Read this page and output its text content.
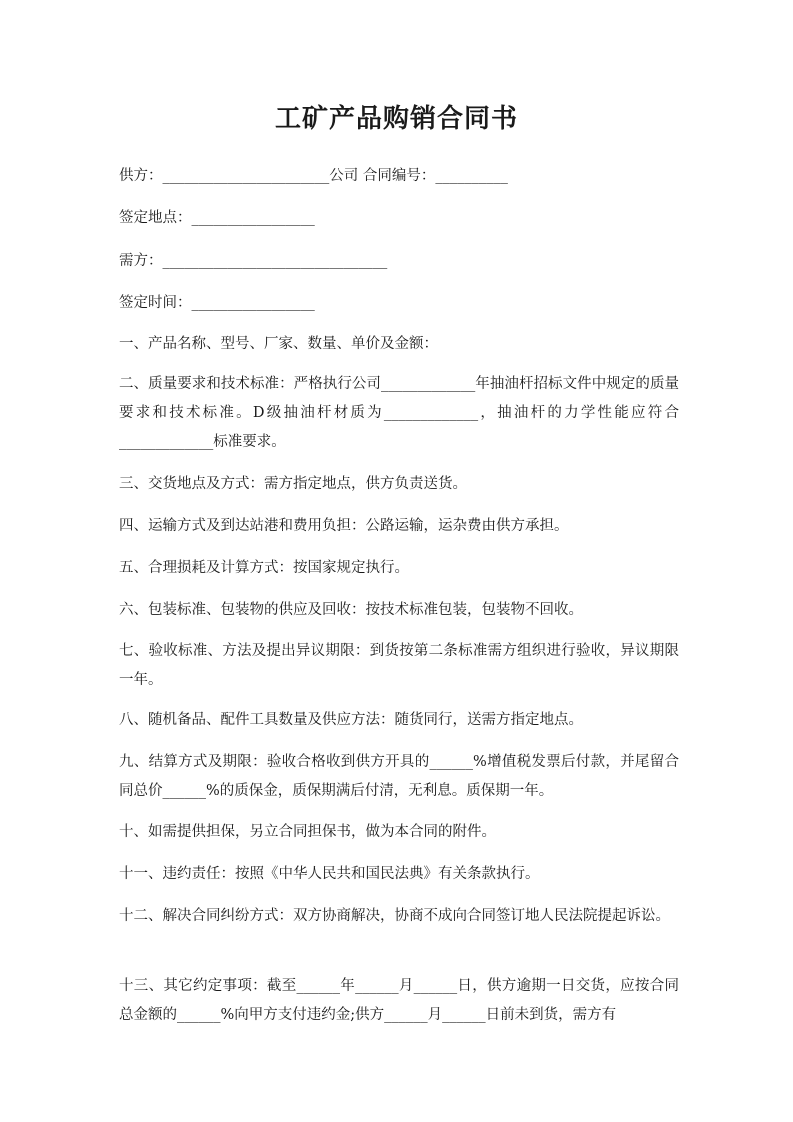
工矿产品购销合同书
供方：_______________________公司 合同编号：__________
签定地点：_________________
需方：_______________________________
签定时间：_________________
一、产品名称、型号、厂家、数量、单价及金额：
二、质量要求和技术标准：严格执行公司_____________年抽油杆招标文件中规定的质量要求和技术标准。D级抽油杆材质为_____________，抽油杆的力学性能应符合_____________标准要求。
三、交货地点及方式：需方指定地点，供方负责送货。
四、运输方式及到达站港和费用负担：公路运输，运杂费由供方承担。
五、合理损耗及计算方式：按国家规定执行。
六、包装标准、包装物的供应及回收：按技术标准包装，包装物不回收。
七、验收标准、方法及提出异议期限：到货按第二条标准需方组织进行验收，异议期限一年。
八、随机备品、配件工具数量及供应方法：随货同行，送需方指定地点。
九、结算方式及期限：验收合格收到供方开具的______%增值税发票后付款，并尾留合同总价______%的质保金，质保期满后付清，无利息。质保期一年。
十、如需提供担保，另立合同担保书，做为本合同的附件。
十一、违约责任：按照《中华人民共和国民法典》有关条款执行。
十二、解决合同纠纷方式：双方协商解决，协商不成向合同签订地人民法院提起诉讼。
十三、其它约定事项：截至______年______月______日，供方逾期一日交货，应按合同总金额的______%向甲方支付违约金;供方______月______日前未到货，需方有
